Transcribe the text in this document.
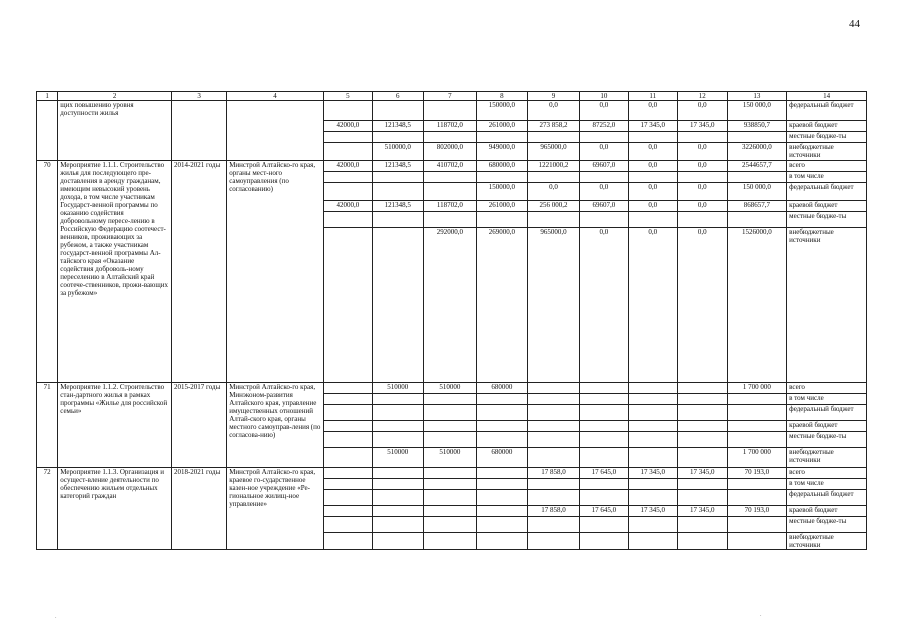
44
1	2	3	4	5	6	7	8	9	10	11	12	13	14
	щих повышению уровня доступности жилья						150000,0	0,0	0,0	0,0	0,0	150 000,0	федеральный бюджет
				42000,0	121348,5	118702,0	261000,0	273 858,2	87252,0	17 345,0	17 345,0	938850,7	краевой бюджет
													местные бюдже-ты
					510000,0	802000,0	949000,0	965000,0	0,0	0,0	0,0	3226000,0	внебюджетные источники
70	Мероприятие 1.1.1. Строительство жилья для последующего пре-доставления в аренду гражданам, имеющим невысокий уровень дохода, в том числе участникам Государст-венной программы по оказанию содействия добровольному пересе-лению в Российскую Федерацию соотечест-венников, проживающих за рубежом, а также участникам государст-венной программы Ал-тайского края «Оказание содействия доброволь-ному переселению в Алтайский край соотече-ственников, прожи-вающих за рубежом»	2014-2021 годы	Минстрой Алтайско-го края, органы мест-ного самоуправления (по согласованию)	42000,0	121348,5	410702,0	680000,0	1221000,2	69607,0	0,0	0,0	2544657,7	всего
													в том числе
							150000,0	0,0	0,0	0,0	0,0	150 000,0	федеральный бюджет
				42000,0	121348,5	118702,0	261000,0	256 000,2	69607,0	0,0	0,0	868657,7	краевой бюджет
													местные бюдже-ты
						292000,0	269000,0	965000,0	0,0	0,0	0,0	1526000,0	внебюджетные источники
71	Мероприятие 1.1.2. Строительство стан-дартного жилья в рамках программы «Жилье для российской семьи»	2015-2017 годы	Минстрой Алтайско-го края, Минэконом-развития Алтайского края, управление имущественных отношений Алтай-ского края, органы местного самоуправ-ления (по согласова-нию)		510000	510000	680000					1 700 000	всего
													в том числе
													федеральный бюджет
													краевой бюджет
													местные бюдже-ты
					510000	510000	680000					1 700 000	внебюджетные источники
72	Мероприятие 1.1.3. Организация и осущест-вление деятельности по обеспечению жильем отдельных категорий граждан	2018-2021 годы	Минстрой Алтайско-го края, краевое го-сударственное казен-ное учреждение «Ре-гиональное жилищ-ное управление»					17 858,0	17 645,0	17 345,0	17 345,0	70 193,0	всего
													в том числе
													федеральный бюджет
								17 858,0	17 645,0	17 345,0	17 345,0	70 193,0	краевой бюджет
													местные бюдже-ты
													внебюджетные источники
.	.
